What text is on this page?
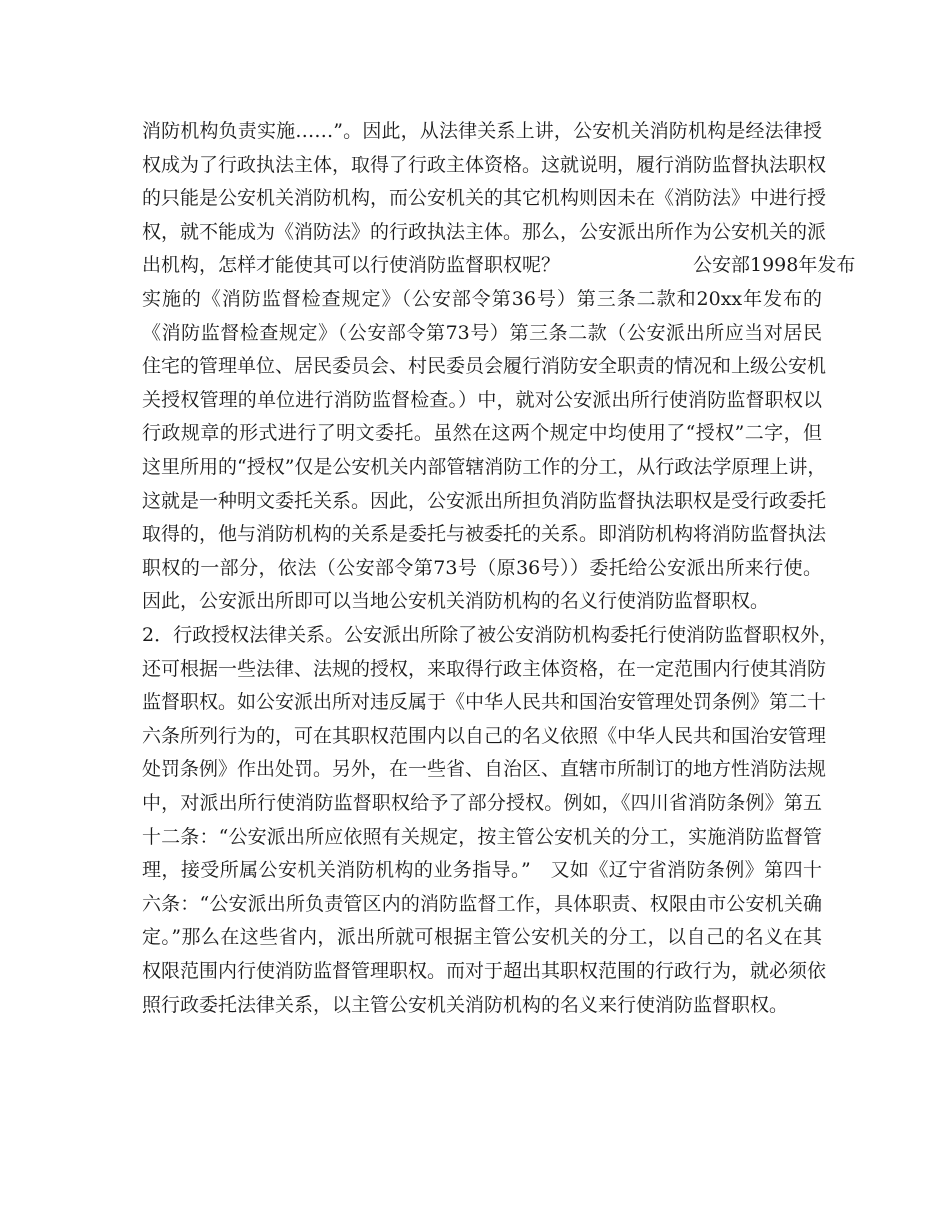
消防机构负责实施……”。因此，从法律关系上讲，公安机关消防机构是经法律授
权成为了行政执法主体，取得了行政主体资格。这就说明，履行消防监督执法职权
的只能是公安机关消防机构，而公安机关的其它机构则因未在《消防法》中进行授
权，就不能成为《消防法》的行政执法主体。那么，公安派出所作为公安机关的派
出机构，怎样才能使其可以行使消防监督职权呢？　　　　　　　公安部1998年发布
实施的《消防监督检查规定》（公安部令第36号）第三条二款和20xx年发布的
《消防监督检查规定》（公安部令第73号）第三条二款（公安派出所应当对居民
住宅的管理单位、居民委员会、村民委员会履行消防安全职责的情况和上级公安机
关授权管理的单位进行消防监督检查。）中，就对公安派出所行使消防监督职权以
行政规章的形式进行了明文委托。虽然在这两个规定中均使用了“授权”二字，但
这里所用的“授权”仅是公安机关内部管辖消防工作的分工，从行政法学原理上讲，
这就是一种明文委托关系。因此，公安派出所担负消防监督执法职权是受行政委托
取得的，他与消防机构的关系是委托与被委托的关系。即消防机构将消防监督执法
职权的一部分，依法（公安部令第73号（原36号））委托给公安派出所来行使。
因此，公安派出所即可以当地公安机关消防机构的名义行使消防监督职权。
2．行政授权法律关系。公安派出所除了被公安消防机构委托行使消防监督职权外，
还可根据一些法律、法规的授权，来取得行政主体资格，在一定范围内行使其消防
监督职权。如公安派出所对违反属于《中华人民共和国治安管理处罚条例》第二十
六条所列行为的，可在其职权范围内以自己的名义依照《中华人民共和国治安管理
处罚条例》作出处罚。另外，在一些省、自治区、直辖市所制订的地方性消防法规
中，对派出所行使消防监督职权给予了部分授权。例如，《四川省消防条例》第五
十二条：“公安派出所应依照有关规定，按主管公安机关的分工，实施消防监督管
理，接受所属公安机关消防机构的业务指导。”　又如《辽宁省消防条例》第四十
六条：“公安派出所负责管区内的消防监督工作，具体职责、权限由市公安机关确
定。”那么在这些省内，派出所就可根据主管公安机关的分工，以自己的名义在其
权限范围内行使消防监督管理职权。而对于超出其职权范围的行政行为，就必须依
照行政委托法律关系，以主管公安机关消防机构的名义来行使消防监督职权。
